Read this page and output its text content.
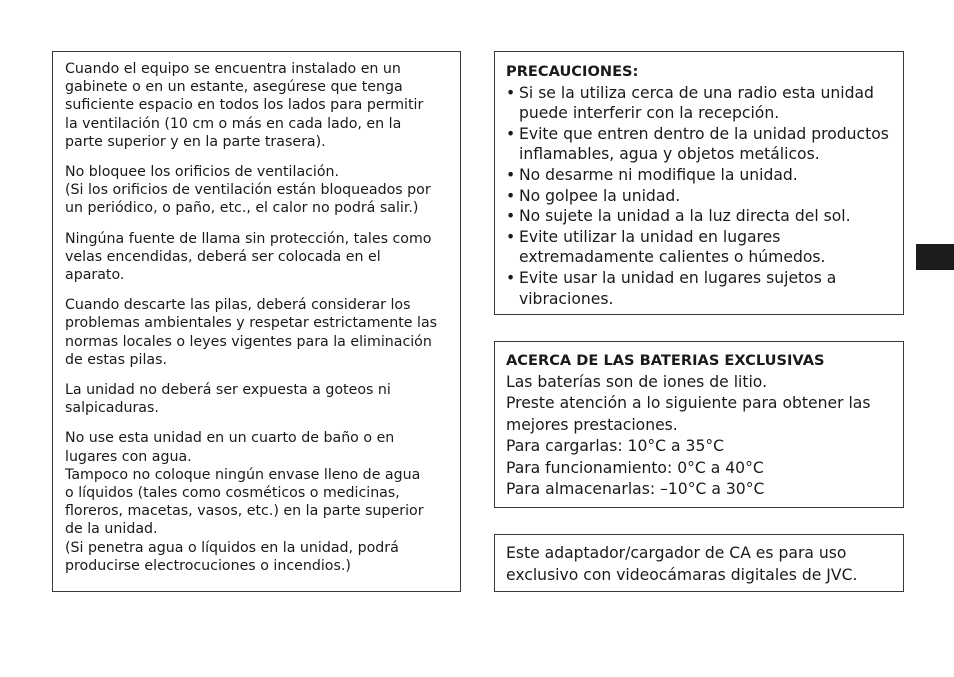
Cuando el equipo se encuentra instalado en un
gabinete o en un estante, asegúrese que tenga
suficiente espacio en todos los lados para permitir
la ventilación (10 cm o más en cada lado, en la
parte superior y en la parte trasera).

No bloquee los orificios de ventilación.
(Si los orificios de ventilación están bloqueados por
un periódico, o paño, etc., el calor no podrá salir.)

Ningúna fuente de llama sin protección, tales como
velas encendidas, deberá ser colocada en el
aparato.

Cuando descarte las pilas, deberá considerar los
problemas ambientales y respetar estrictamente las
normas locales o leyes vigentes para la eliminación
de estas pilas.

La unidad no deberá ser expuesta a goteos ni
salpicaduras.

No use esta unidad en un cuarto de baño o en
lugares con agua.
Tampoco no coloque ningún envase lleno de agua
o líquidos (tales como cosméticos o medicinas,
floreros, macetas, vasos, etc.) en la parte superior
de la unidad.
(Si penetra agua o líquidos en la unidad, podrá
producirse electrocuciones o incendios.)

PRECAUCIONES:
• Si se la utiliza cerca de una radio esta unidad
puede interferir con la recepción.
• Evite que entren dentro de la unidad productos
inflamables, agua y objetos metálicos.
• No desarme ni modifique la unidad.
• No golpee la unidad.
• No sujete la unidad a la luz directa del sol.
• Evite utilizar la unidad en lugares
extremadamente calientes o húmedos.
• Evite usar la unidad en lugares sujetos a
vibraciones.
ACERCA DE LAS BATERIAS EXCLUSIVAS
Las baterías son de iones de litio.
Preste atención a lo siguiente para obtener las
mejores prestaciones.
Para cargarlas: 10°C a 35°C
Para funcionamiento: 0°C a 40°C
Para almacenarlas: –10°C a 30°C
Este adaptador/cargador de CA es para uso
exclusivo con videocámaras digitales de JVC.
